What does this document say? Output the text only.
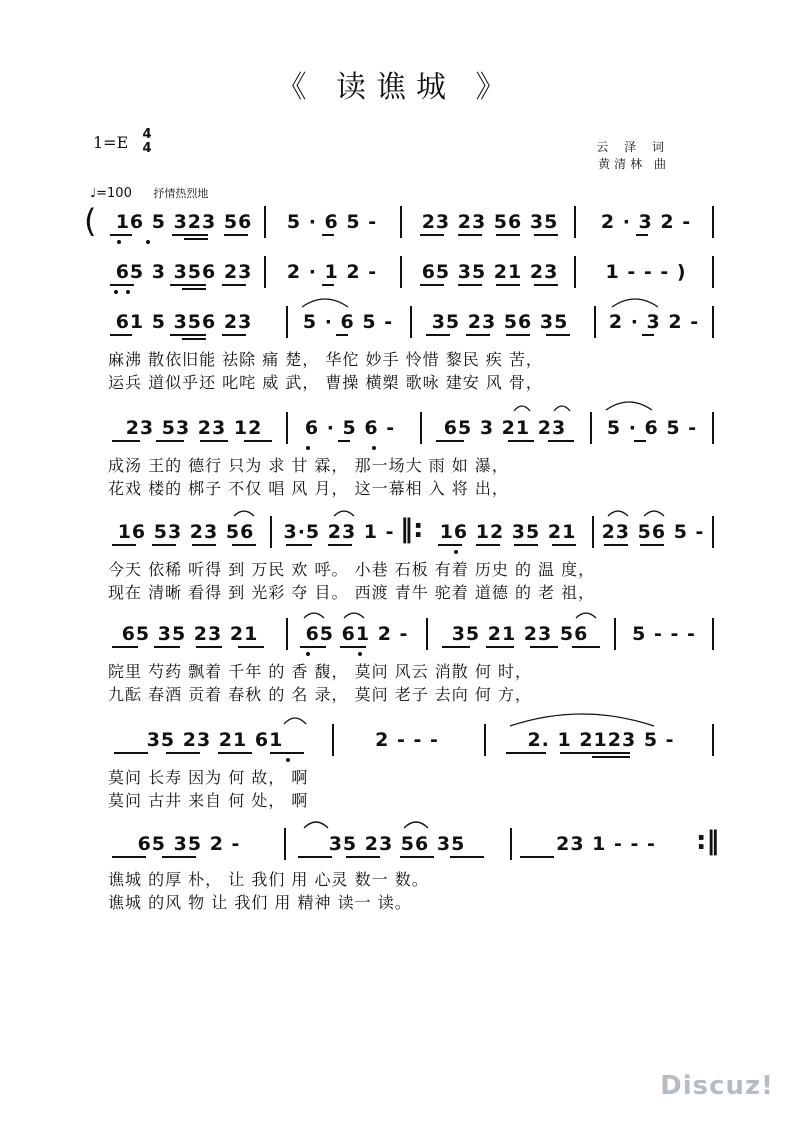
《 读谯城 》
1=E 4
4	云 泽 词
黄清林 曲
♩=100 抒情热烈地
(	16 5 323 56	5 · 6 5 -	23 23 56 35	2 · 3 2 -
65 3 356 23	2 · 1 2 -	65 35 21 23	1 - - - )
61 5 356 23	5 · 6 5 -	35 23 56 35	2 · 3 2 -
麻沸 散依旧能 祛除 痛 楚， 华佗 妙手 怜惜 黎民 疾 苦，
运兵 道似乎还 叱咤 威 武， 曹操 横槊 歌咏 建安 风 骨，
23 53 23 12	6 · 5 6 -	65 3 21 23	5 · 6 5 -
成汤 王的 德行 只为 求 甘 霖， 那一场大 雨 如 瀑，
花戏 楼的 梆子 不仅 唱 风 月， 这一幕相 入 将 出，
16 53 23 56	3·5 23 1 - ‖: 16 12 35 21	23 56 5 -
今天 依稀 听得 到 万民 欢 呼。 小巷 石板 有着 历史 的 温 度，
现在 清晰 看得 到 光彩 夺 目。 西渡 青牛 驼着 道德 的 老 祖，
65 35 23 21	65 61 2 -	35 21 23 56	5 - - -
院里 芍药 飘着 千年 的 香 馥， 莫问 风云 消散 何 时，
九酝 春酒 贡着 春秋 的 名 录， 莫问 老子 去向 何 方，
35 23 21 61	2 - - -	2. 1 2123 5 -
莫问 长寿 因为 何 故， 啊
莫问 古井 来自 何 处， 啊
65 35 2 -	35 23 56 35	23 1 - - -	:‖
谯城 的厚 朴， 让 我们 用 心灵 数一 数。
谯城 的风 物 让 我们 用 精神 读一 读。
Discuz!
